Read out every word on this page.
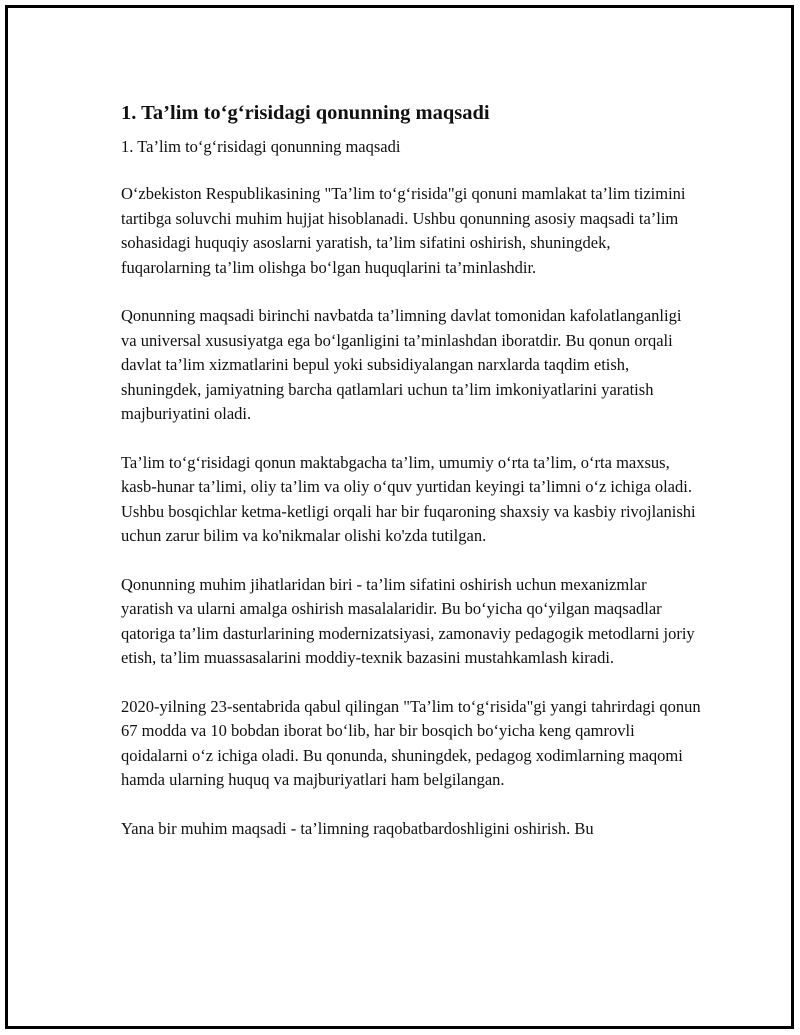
1. Ta’lim to‘g‘risidagi qonunning maqsadi
1. Ta’lim to‘g‘risidagi qonunning maqsadi

O‘zbekiston Respublikasining "Ta’lim to‘g‘risida"gi qonuni mamlakat ta’lim tizimini tartibga soluvchi muhim hujjat hisoblanadi. Ushbu qonunning asosiy maqsadi ta’lim sohasidagi huquqiy asoslarni yaratish, ta’lim sifatini oshirish, shuningdek, fuqarolarning ta’lim olishga bo‘lgan huquqlarini ta’minlashdir.

Qonunning maqsadi birinchi navbatda ta’limning davlat tomonidan kafolatlanganligi va universal xususiyatga ega bo‘lganligini ta’minlashdan iboratdir. Bu qonun orqali davlat ta’lim xizmatlarini bepul yoki subsidiyalangan narxlarda taqdim etish, shuningdek, jamiyatning barcha qatlamlari uchun ta’lim imkoniyatlarini yaratish majburiyatini oladi.

Ta’lim to‘g‘risidagi qonun maktabgacha ta’lim, umumiy o‘rta ta’lim, o‘rta maxsus, kasb-hunar ta’limi, oliy ta’lim va oliy o‘quv yurtidan keyingi ta’limni o‘z ichiga oladi. Ushbu bosqichlar ketma-ketligi orqali har bir fuqaroning shaxsiy va kasbiy rivojlanishi uchun zarur bilim va ko'nikmalar olishi ko'zda tutilgan.

Qonunning muhim jihatlaridan biri - ta’lim sifatini oshirish uchun mexanizmlar yaratish va ularni amalga oshirish masalalaridir. Bu bo‘yicha qo‘yilgan maqsadlar qatoriga ta’lim dasturlarining modernizatsiyasi, zamonaviy pedagogik metodlarni joriy etish, ta’lim muassasalarini moddiy-texnik bazasini mustahkamlash kiradi.

2020-yilning 23-sentabrida qabul qilingan "Ta’lim to‘g‘risida"gi yangi tahrirdagi qonun 67 modda va 10 bobdan iborat bo‘lib, har bir bosqich bo‘yicha keng qamrovli qoidalarni o‘z ichiga oladi. Bu qonunda, shuningdek, pedagog xodimlarning maqomi hamda ularning huquq va majburiyatlari ham belgilangan.

Yana bir muhim maqsadi - ta’limning raqobatbardoshligini oshirish. Bu
